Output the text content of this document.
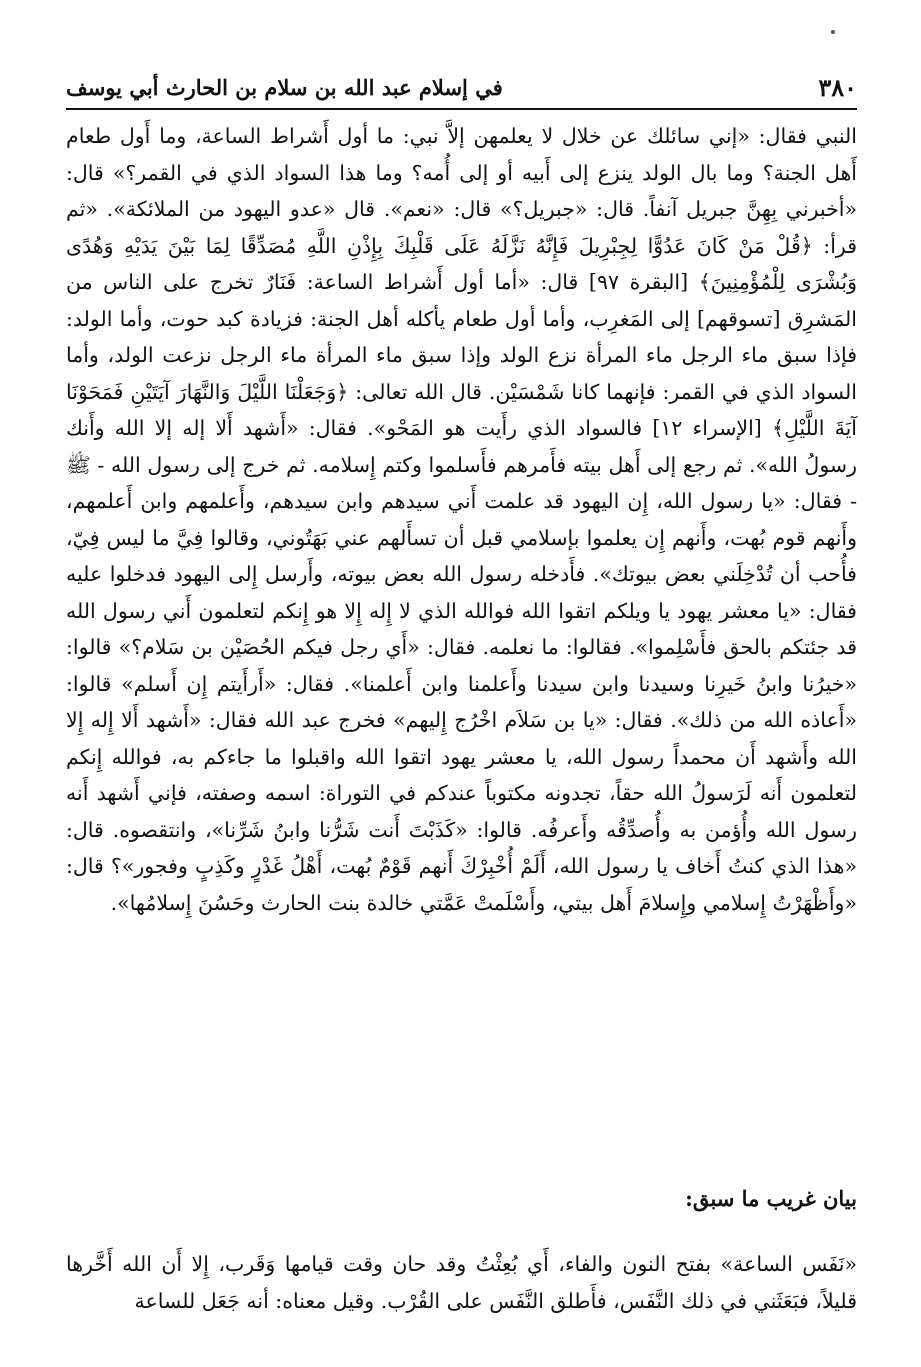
٣٨٠
في إسلام عبد الله بن سلام بن الحارث أبي يوسف

النبي فقال: «إني سائلك عن خلال لا يعلمهن إلاَّ نبي: ما أول أَشراط الساعة، وما أَول طعام أَهل الجنة؟ وما بال الولد ينزع إلى أَبيه أو إلى أُمه؟ وما هذا السواد الذي في القمر؟» قال: «أخبرني بِهِنَّ جبريل آنفاً. قال: «جبريل؟» قال: «نعم». قال «عدو اليهود من الملائكة». «ثم قرأ: ﴿قُلْ مَنْ كَانَ عَدُوًّا لِجِبْرِيلَ فَإِنَّهُ نَزَّلَهُ عَلَى قَلْبِكَ بِإِذْنِ اللَّهِ مُصَدِّقًا لِمَا بَيْنَ يَدَيْهِ وَهُدًى وَبُشْرَى لِلْمُؤْمِنِينَ﴾ [البقرة ٩٧] قال: «أما أول أَشراط الساعة: فَنَارٌ تخرج على الناس من المَشرِق [تسوقهم] إلى المَغرِب، وأما أول طعام يأكله أهل الجنة: فزيادة كبد حوت، وأما الولد: فإذا سبق ماء الرجل ماء المرأة نزع الولد وإذا سبق ماء المرأة ماء الرجل نزعت الولد، وأما السواد الذي في القمر: فإنهما كانا شَمْسَيْن. قال الله تعالى: ﴿وَجَعَلْنَا اللَّيْلَ وَالنَّهَارَ آيَتَيْنِ فَمَحَوْنَا آيَةَ اللَّيْلِ﴾ [الإسراء ١٢] فالسواد الذي رأَيت هو المَحْو». فقال: «أَشهد أَلا إله إلا الله وأَنك رسولُ الله». ثم رجع إلى أَهل بيته فأَمرهم فأَسلموا وكتم إِسلامه. ثم خرج إلى رسول الله - ﷺ - فقال: «يا رسول الله، إِن اليهود قد علمت أَني سيدهم وابن سيدهم، وأَعلمهم وابن أَعلمهم، وأَنهم قوم بُهت، وأَنهم إِن يعلموا بإسلامي قبل أن تسأَلهم عني بَهَتُوني، وقالوا فِيَّ ما ليس فِيّ، فأُحب أن تُدْخِلَني بعض بيوتك». فأَدخله رسول الله بعض بيوته، وأَرسل إِلى اليهود فدخلوا عليه فقال: «يا معشر يهود يا ويلكم اتقوا الله فوالله الذي لا إِله إِلا هو إِنكم لتعلمون أَني رسول الله قد جئتكم بالحق فأَسْلِموا». فقالوا: ما نعلمه. فقال: «أَي رجل فيكم الحُصَيْن بن سَلام؟» قالوا: «خيرُنا وابنُ خَيرِنا وسيدنا وابن سيدنا وأَعلمنا وابن أَعلمنا». فقال: «أَرأَيتم إِن أَسلم» قالوا: «أَعاذه الله من ذلك». فقال: «يا بن سَلاَم اخْرُج إِليهم» فخرج عبد الله فقال: «أَشهد أَلا إِله إِلا الله وأَشهد أَن محمداً رسول الله، يا معشر يهود اتقوا الله واقبلوا ما جاءكم به، فوالله إِنكم لتعلمون أَنه لَرَسولُ الله حقاً، تجدونه مكتوباً عندكم في التوراة: اسمه وصفته، فإني أَشهد أَنه رسول الله وأُؤمن به وأُصدِّقُه وأَعرفُه. قالوا: «كَذَبْتَ أَنت شَرُّنا وابنُ شَرِّنا»، وانتقصوه. قال: «هذا الذي كنتُ أَخاف يا رسول الله، أَلَمْ أُخْبِرْكَ أَنهم قَوْمٌ بُهت، أَهْلُ غَدْرٍ وكَذِبٍ وفجور»؟ قال: «وأَظْهَرْتُ إِسلامي وإِسلامَ أَهل بيتي، وأَسْلَمتْ عَمَّتي خالدة بنت الحارث وحَسُنَ إِسلامُها».

بيان غريب ما سبق:

«نَفَس الساعة» بفتح النون والفاء، أَي بُعِثْتُ وقد حان وقت قيامها وَقَرب، إِلا أَن الله أَخَّرها قليلاً، فبَعَثَني في ذلك النَّفَس، فأَطلق النَّفَس على القُرْب. وقيل معناه: أنه جَعَل للساعة
